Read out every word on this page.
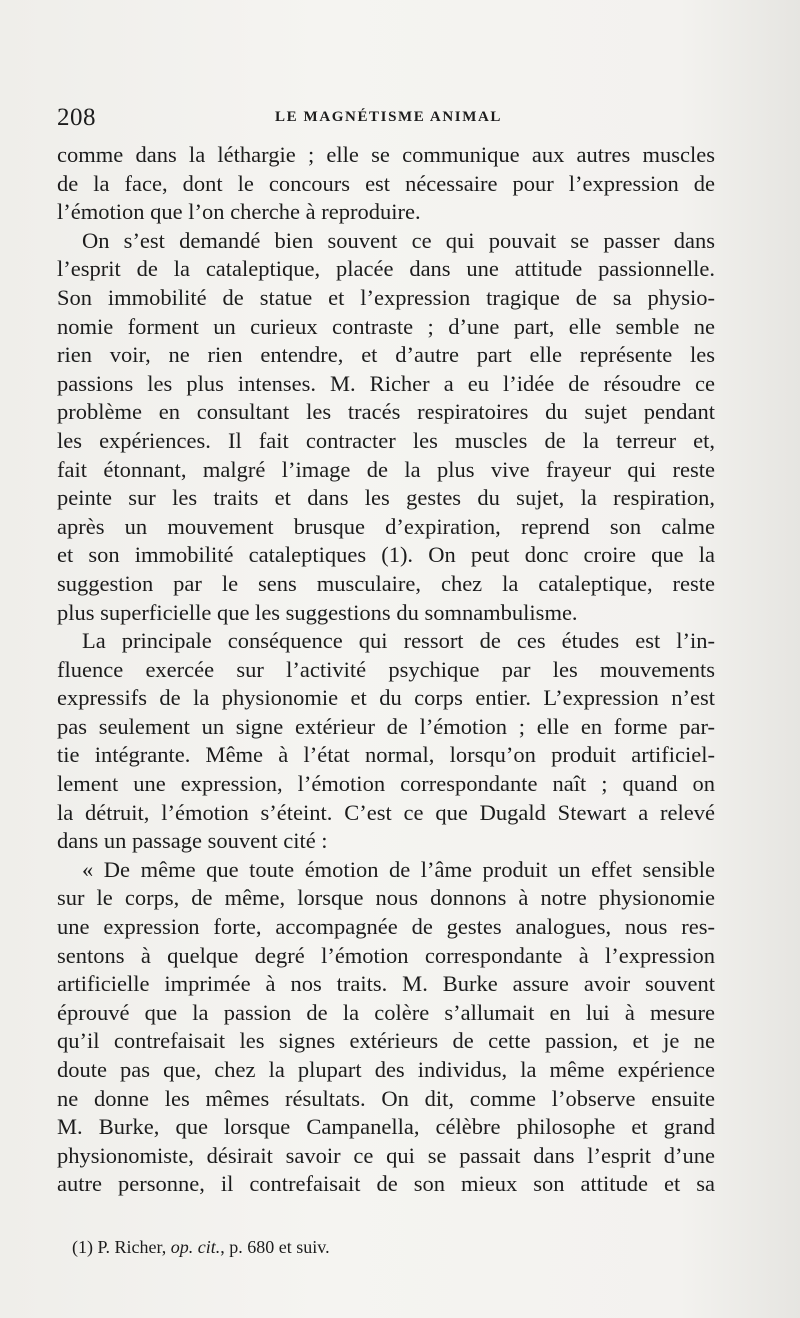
208	LE MAGNÉTISME ANIMAL
comme dans la léthargie ; elle se communique aux autres muscles
de la face, dont le concours est nécessaire pour l’expression de
l’émotion que l’on cherche à reproduire.
On s’est demandé bien souvent ce qui pouvait se passer dans
l’esprit de la cataleptique, placée dans une attitude passionnelle.
Son immobilité de statue et l’expression tragique de sa physio-
nomie forment un curieux contraste ; d’une part, elle semble ne
rien voir, ne rien entendre, et d’autre part elle représente les
passions les plus intenses. M. Richer a eu l’idée de résoudre ce
problème en consultant les tracés respiratoires du sujet pendant
les expériences. Il fait contracter les muscles de la terreur et,
fait étonnant, malgré l’image de la plus vive frayeur qui reste
peinte sur les traits et dans les gestes du sujet, la respiration,
après un mouvement brusque d’expiration, reprend son calme
et son immobilité cataleptiques (1). On peut donc croire que la
suggestion par le sens musculaire, chez la cataleptique, reste
plus superficielle que les suggestions du somnambulisme.
La principale conséquence qui ressort de ces études est l’in-
fluence exercée sur l’activité psychique par les mouvements
expressifs de la physionomie et du corps entier. L’expression n’est
pas seulement un signe extérieur de l’émotion ; elle en forme par-
tie intégrante. Même à l’état normal, lorsqu’on produit artificiel-
lement une expression, l’émotion correspondante naît ; quand on
la détruit, l’émotion s’éteint. C’est ce que Dugald Stewart a relevé
dans un passage souvent cité :
« De même que toute émotion de l’âme produit un effet sensible
sur le corps, de même, lorsque nous donnons à notre physionomie
une expression forte, accompagnée de gestes analogues, nous res-
sentons à quelque degré l’émotion correspondante à l’expression
artificielle imprimée à nos traits. M. Burke assure avoir souvent
éprouvé que la passion de la colère s’allumait en lui à mesure
qu’il contrefaisait les signes extérieurs de cette passion, et je ne
doute pas que, chez la plupart des individus, la même expérience
ne donne les mêmes résultats. On dit, comme l’observe ensuite
M. Burke, que lorsque Campanella, célèbre philosophe et grand
physionomiste, désirait savoir ce qui se passait dans l’esprit d’une
autre personne, il contrefaisait de son mieux son attitude et sa
(1) P. Richer, op. cit., p. 680 et suiv.
